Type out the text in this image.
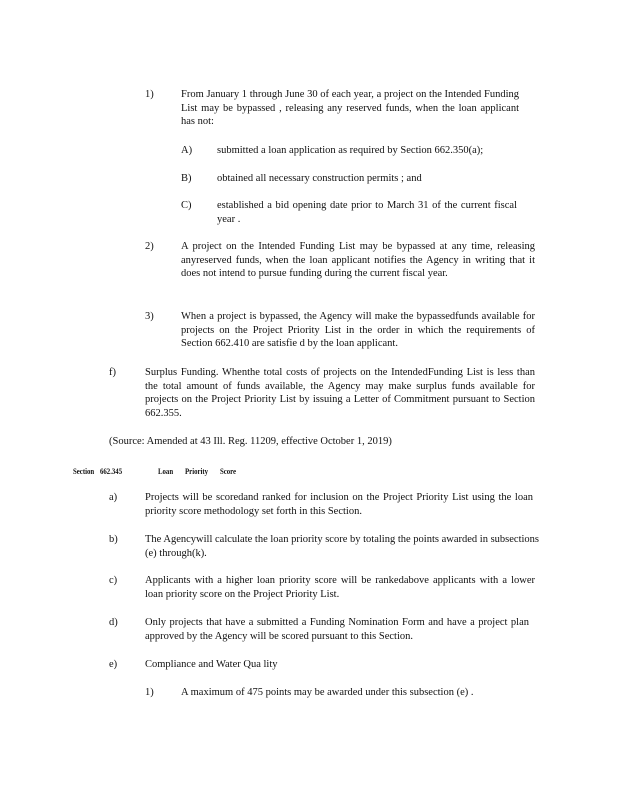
1)	From January 1 through June 30 of each year, a project on the Intended Funding List may be bypassed , releasing any reserved funds, when the loan applicant has not:
A) submitted a loan application as required by Section 662.350(a);
B) obtained all necessary construction permits ; and
C) established a bid opening date prior to March 31 of the current fiscal year .
2)	A project on the Intended Funding List may be bypassed at any time, releasing anyreserved funds, when the loan applicant notifies the Agency in writing that it does not intend to pursue funding during the current fiscal year.
3)	When a project is bypassed, the Agency will make the bypassedfunds available for projects on the Project Priority List in the order in which the requirements of Section 662.410 are satisfie d by the loan applicant.
f)	Surplus Funding. Whenthe total costs of projects on the IntendedFunding List is less than the total amount of funds available, the Agency may make surplus funds available for projects on the Project Priority List by issuing a Letter of Commitment pursuant to Section 662.355.
(Source: Amended at 43 Ill. Reg. 11209, effective October 1, 2019)
Section 662.345	Loan Priority Score
a)	Projects will be scoredand ranked for inclusion on the Project Priority List using the loan priority score methodology set forth in this Section.
b)	The Agencywill calculate the loan priority score by totaling the points awarded in subsections (e) through(k).
c)	Applicants with a higher loan priority score will be rankedabove applicants with a lower loan priority score on the Project Priority List.
d)	Only projects that have a submitted a Funding Nomination Form and have a project plan approved by the Agency will be scored pursuant to this Section.
e)	Compliance and Water Qua lity
1)	A maximum of 475 points may be awarded under this subsection (e) .
